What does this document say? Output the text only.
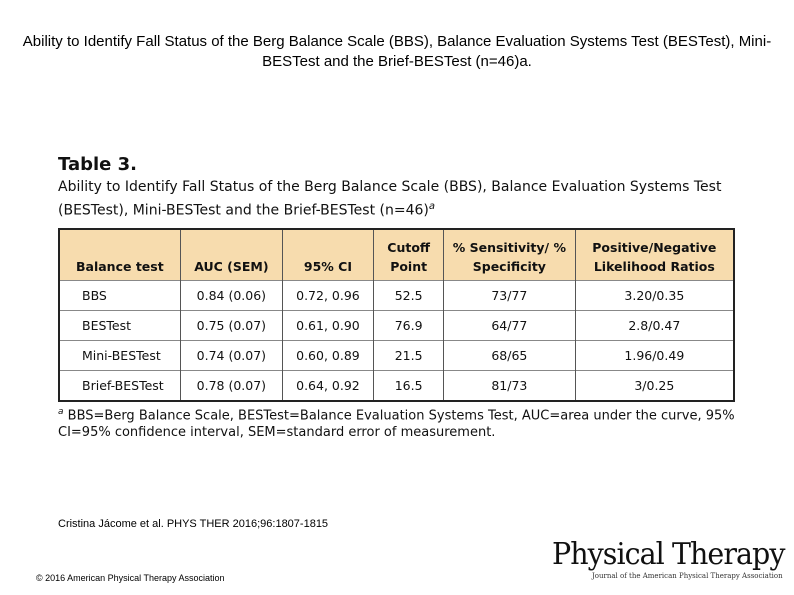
Ability to Identify Fall Status of the Berg Balance Scale (BBS), Balance Evaluation Systems Test (BESTest), Mini-BESTest and the Brief-BESTest (n=46)a.
Table 3.
Ability to Identify Fall Status of the Berg Balance Scale (BBS), Balance Evaluation Systems Test (BESTest), Mini-BESTest and the Brief-BESTest (n=46)$^a$
Balance test	AUC (SEM)	95% CI	Cutoff Point	% Sensitivity/ % Specificity	Positive/Negative Likelihood Ratios
BBS	0.84 (0.06)	0.72, 0.96	52.5	73/77	3.20/0.35
BESTest	0.75 (0.07)	0.61, 0.90	76.9	64/77	2.8/0.47
Mini-BESTest	0.74 (0.07)	0.60, 0.89	21.5	68/65	1.96/0.49
Brief-BESTest	0.78 (0.07)	0.64, 0.92	16.5	81/73	3/0.25
$^a$ BBS=Berg Balance Scale, BESTest=Balance Evaluation Systems Test, AUC=area under the curve, 95% CI=95% confidence interval, SEM=standard error of measurement.
Cristina Jácome et al. PHYS THER 2016;96:1807-1815
© 2016 American Physical Therapy Association
Physical Therapy
Journal of the American Physical Therapy Association
